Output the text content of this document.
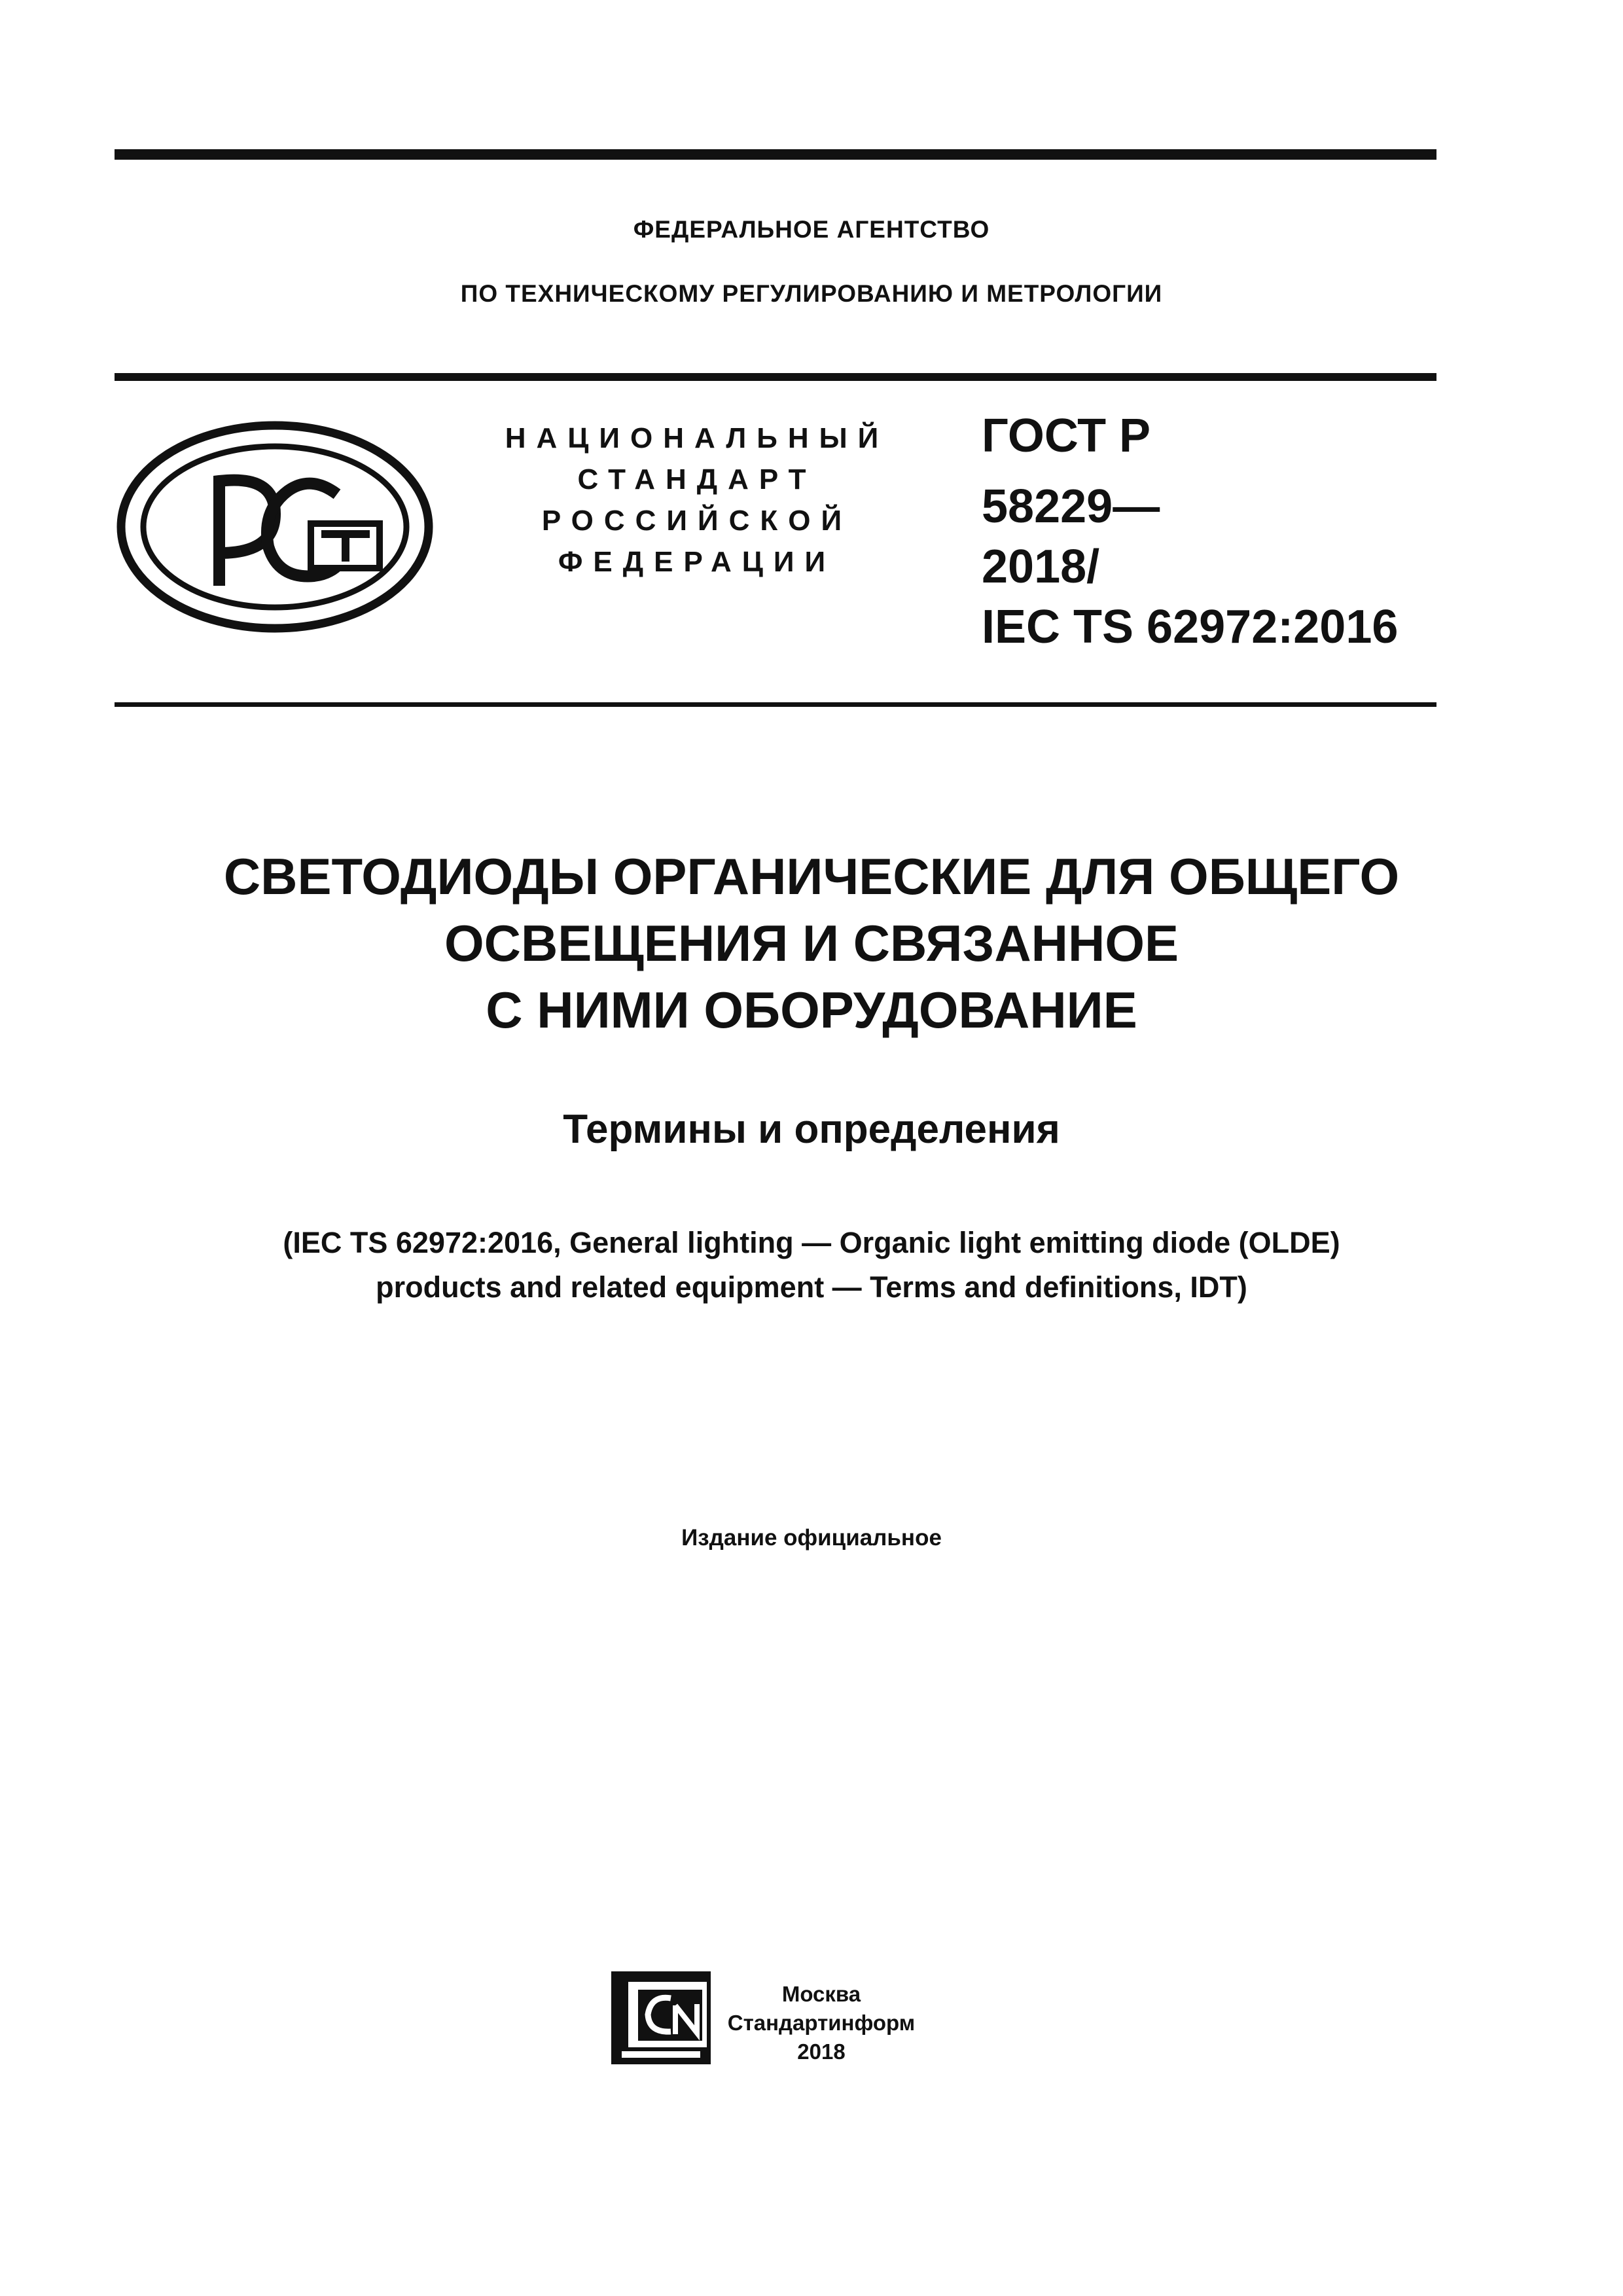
ФЕДЕРАЛЬНОЕ АГЕНТСТВО
ПО ТЕХНИЧЕСКОМУ РЕГУЛИРОВАНИЮ И МЕТРОЛОГИИ
НАЦИОНАЛЬНЫЙ
СТАНДАРТ
РОССИЙСКОЙ
ФЕДЕРАЦИИ
ГОСТ Р
58229—
2018/
IEC TS 62972:2016
СВЕТОДИОДЫ ОРГАНИЧЕСКИЕ ДЛЯ ОБЩЕГО
ОСВЕЩЕНИЯ И СВЯЗАННОЕ
С НИМИ ОБОРУДОВАНИЕ
Термины и определения
(IEC TS 62972:2016, General lighting — Organic light emitting diode (OLDE)
products and related equipment — Terms and definitions, IDT)
Издание официальное
Москва
Стандартинформ
2018
